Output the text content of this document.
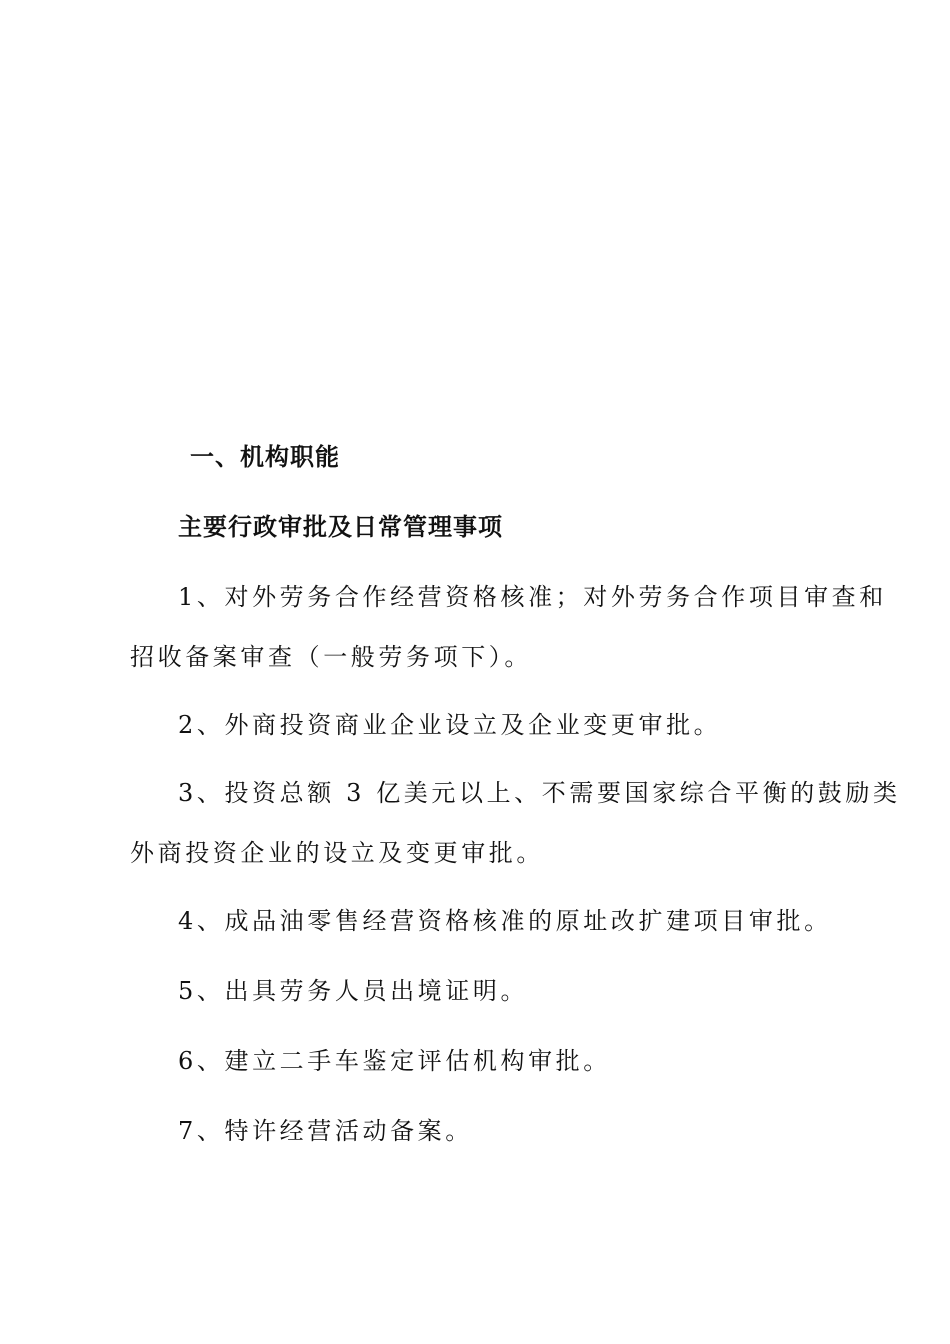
一、机构职能
主要行政审批及日常管理事项
1、对外劳务合作经营资格核准；对外劳务合作项目审查和
招收备案审查（一般劳务项下）。
2、外商投资商业企业设立及企业变更审批。
3、投资总额 3 亿美元以上、不需要国家综合平衡的鼓励类
外商投资企业的设立及变更审批。
4、成品油零售经营资格核准的原址改扩建项目审批。
5、出具劳务人员出境证明。
6、建立二手车鉴定评估机构审批。
7、特许经营活动备案。
